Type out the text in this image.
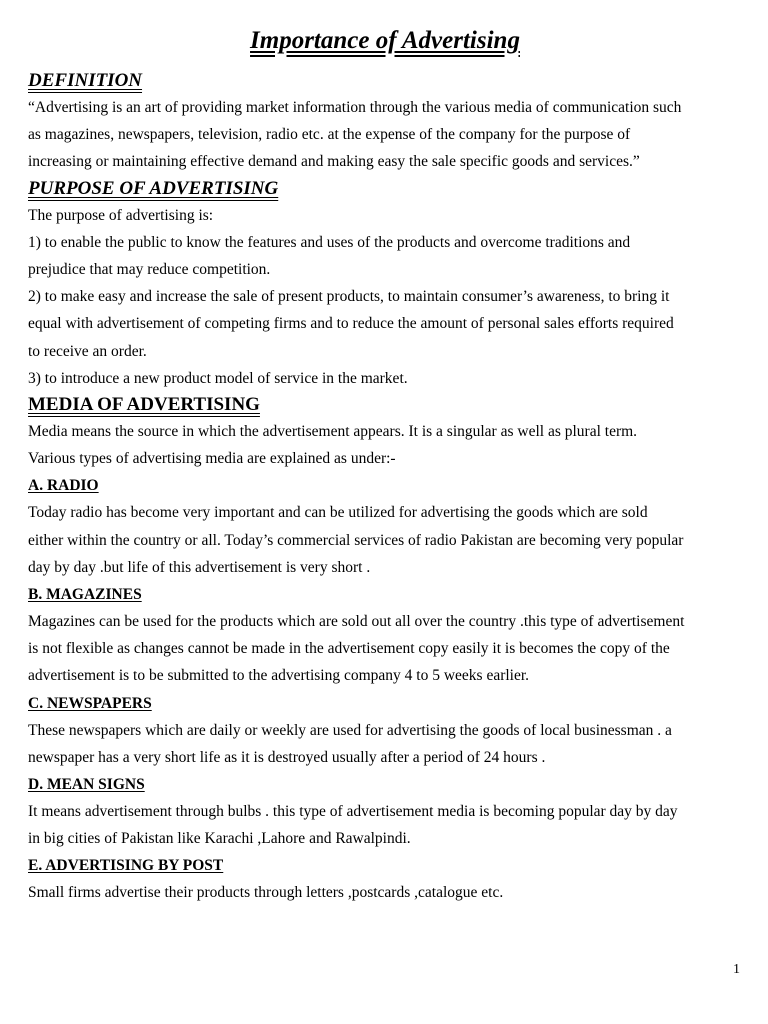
Importance of Advertising
DEFINITION

“Advertising is an art of providing market information through the various media of communication such
as magazines, newspapers, television, radio etc. at the expense of the company for the purpose of
increasing or maintaining effective demand and making easy the sale specific goods and services.”

PURPOSE OF ADVERTISING

The purpose of advertising is:

1) to enable the public to know the features and uses of the products and overcome traditions and
prejudice that may reduce competition.

2) to make easy and increase the sale of present products, to maintain consumer’s awareness, to bring it
equal with advertisement of competing firms and to reduce the amount of personal sales efforts required
to receive an order.

3) to introduce a new product model of service in the market.

MEDIA OF ADVERTISING

Media means the source in which the advertisement appears. It is a singular as well as plural term.
Various types of advertising media are explained as under:-

A. RADIO

Today radio has become very important and can be utilized for advertising the goods which are sold
either within the country or all. Today’s commercial services of radio Pakistan are becoming very popular
day by day .but life of this advertisement is very short .

B. MAGAZINES

Magazines can be used for the products which are sold out all over the country .this type of advertisement
is not flexible as changes cannot be made in the advertisement copy easily it is becomes the copy of the
advertisement is to be submitted to the advertising company 4 to 5 weeks earlier.

C. NEWSPAPERS

These newspapers which are daily or weekly are used for advertising the goods of local businessman . a
newspaper has a very short life as it is destroyed usually after a period of 24 hours .

D. MEAN SIGNS

It means advertisement through bulbs . this type of advertisement media is becoming popular day by day
in big cities of Pakistan like Karachi ,Lahore and Rawalpindi.

E. ADVERTISING BY POST

Small firms advertise their products through letters ,postcards ,catalogue etc.

1
